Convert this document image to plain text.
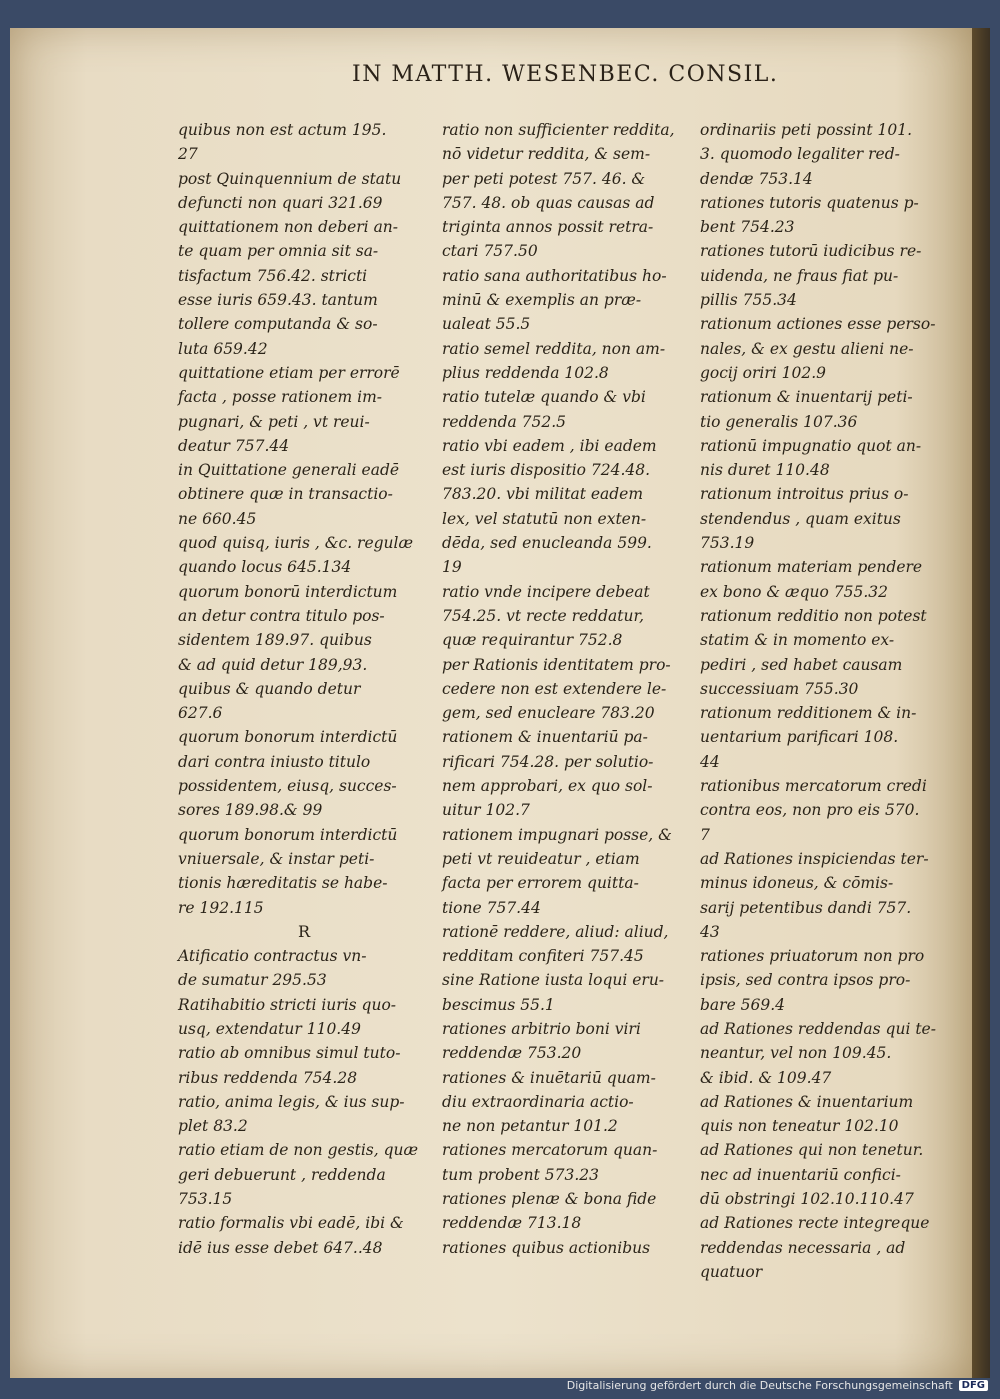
IN MATTH. WESENBEC. CONSIL.
quibus non est actum 195.
27
post Quinquennium de statu
defuncti non quari 321.69
quittationem non deberi an-
te quam per omnia sit sa-
tisfactum 756.42. stricti
esse iuris 659.43. tantum
tollere computanda & so-
luta 659.42
quittatione etiam per errorē
facta , posse rationem im-
pugnari, & peti , vt reui-
deatur 757.44
in Quittatione generali eadē
obtinere quæ in transactio-
ne 660.45
quod quisq, iuris , &c. regulæ
quando locus 645.134
quorum bonorū interdictum
an detur contra titulo pos-
sidentem 189.97. quibus
& ad quid detur 189,93.
quibus & quando detur
627.6
quorum bonorum interdictū
dari contra iniusto titulo
possidentem, eiusq, succes-
sores 189.98.& 99
quorum bonorum interdictū
vniuersale, & instar peti-
tionis hæreditatis se habe-
re 192.115
R
Atificatio contractus vn-
de sumatur 295.53
Ratihabitio stricti iuris quo-
usq, extendatur 110.49
ratio ab omnibus simul tuto-
ribus reddenda 754.28
ratio, anima legis, & ius sup-
plet 83.2
ratio etiam de non gestis, quæ
geri debuerunt , reddenda
753.15
ratio formalis vbi eadē, ibi &
idē ius esse debet 647..48
ratio non sufficienter reddita,
nō videtur reddita, & sem-
per peti potest 757. 46. &
757. 48. ob quas causas ad
triginta annos possit retra-
ctari 757.50
ratio sana authoritatibus ho-
minū & exemplis an præ-
ualeat 55.5
ratio semel reddita, non am-
plius reddenda 102.8
ratio tutelæ quando & vbi
reddenda 752.5
ratio vbi eadem , ibi eadem
est iuris dispositio 724.48.
783.20. vbi militat eadem
lex, vel statutū non exten-
dēda, sed enucleanda 599.
19
ratio vnde incipere debeat
754.25. vt recte reddatur,
quæ requirantur 752.8
per Rationis identitatem pro-
cedere non est extendere le-
gem, sed enucleare 783.20
rationem & inuentariū pa-
rificari 754.28. per solutio-
nem approbari, ex quo sol-
uitur 102.7
rationem impugnari posse, &
peti vt reuideatur , etiam
facta per errorem quitta-
tione 757.44
rationē reddere, aliud: aliud,
redditam confiteri 757.45
sine Ratione iusta loqui eru-
bescimus 55.1
rationes arbitrio boni viri
reddendæ 753.20
rationes & inuētariū quam-
diu extraordinaria actio-
ne non petantur 101.2
rationes mercatorum quan-
tum probent 573.23
rationes plenæ & bona fide
reddendæ 713.18
rationes quibus actionibus
ordinariis peti possint 101.
3. quomodo legaliter red-
dendæ 753.14
rationes tutoris quatenus p-
bent 754.23
rationes tutorū iudicibus re-
uidenda, ne fraus fiat pu-
pillis 755.34
rationum actiones esse perso-
nales, & ex gestu alieni ne-
gocij oriri 102.9
rationum & inuentarij peti-
tio generalis 107.36
rationū impugnatio quot an-
nis duret 110.48
rationum introitus prius o-
stendendus , quam exitus
753.19
rationum materiam pendere
ex bono & æquo 755.32
rationum redditio non potest
statim & in momento ex-
pediri , sed habet causam
successiuam 755.30
rationum redditionem & in-
uentarium parificari 108.
44
rationibus mercatorum credi
contra eos, non pro eis 570.
7
ad Rationes inspiciendas ter-
minus idoneus, & cōmis-
sarij petentibus dandi 757.
43
rationes priuatorum non pro
ipsis, sed contra ipsos pro-
bare 569.4
ad Rationes reddendas qui te-
neantur, vel non 109.45.
& ibid. & 109.47
ad Rationes & inuentarium
quis non teneatur 102.10
ad Rationes qui non tenetur.
nec ad inuentariū confici-
dū obstringi 102.10.110.47
ad Rationes recte integreque
reddendas necessaria , ad
quatuor
Digitalisierung gefördert durch die Deutsche Forschungsgemeinschaft DFG
